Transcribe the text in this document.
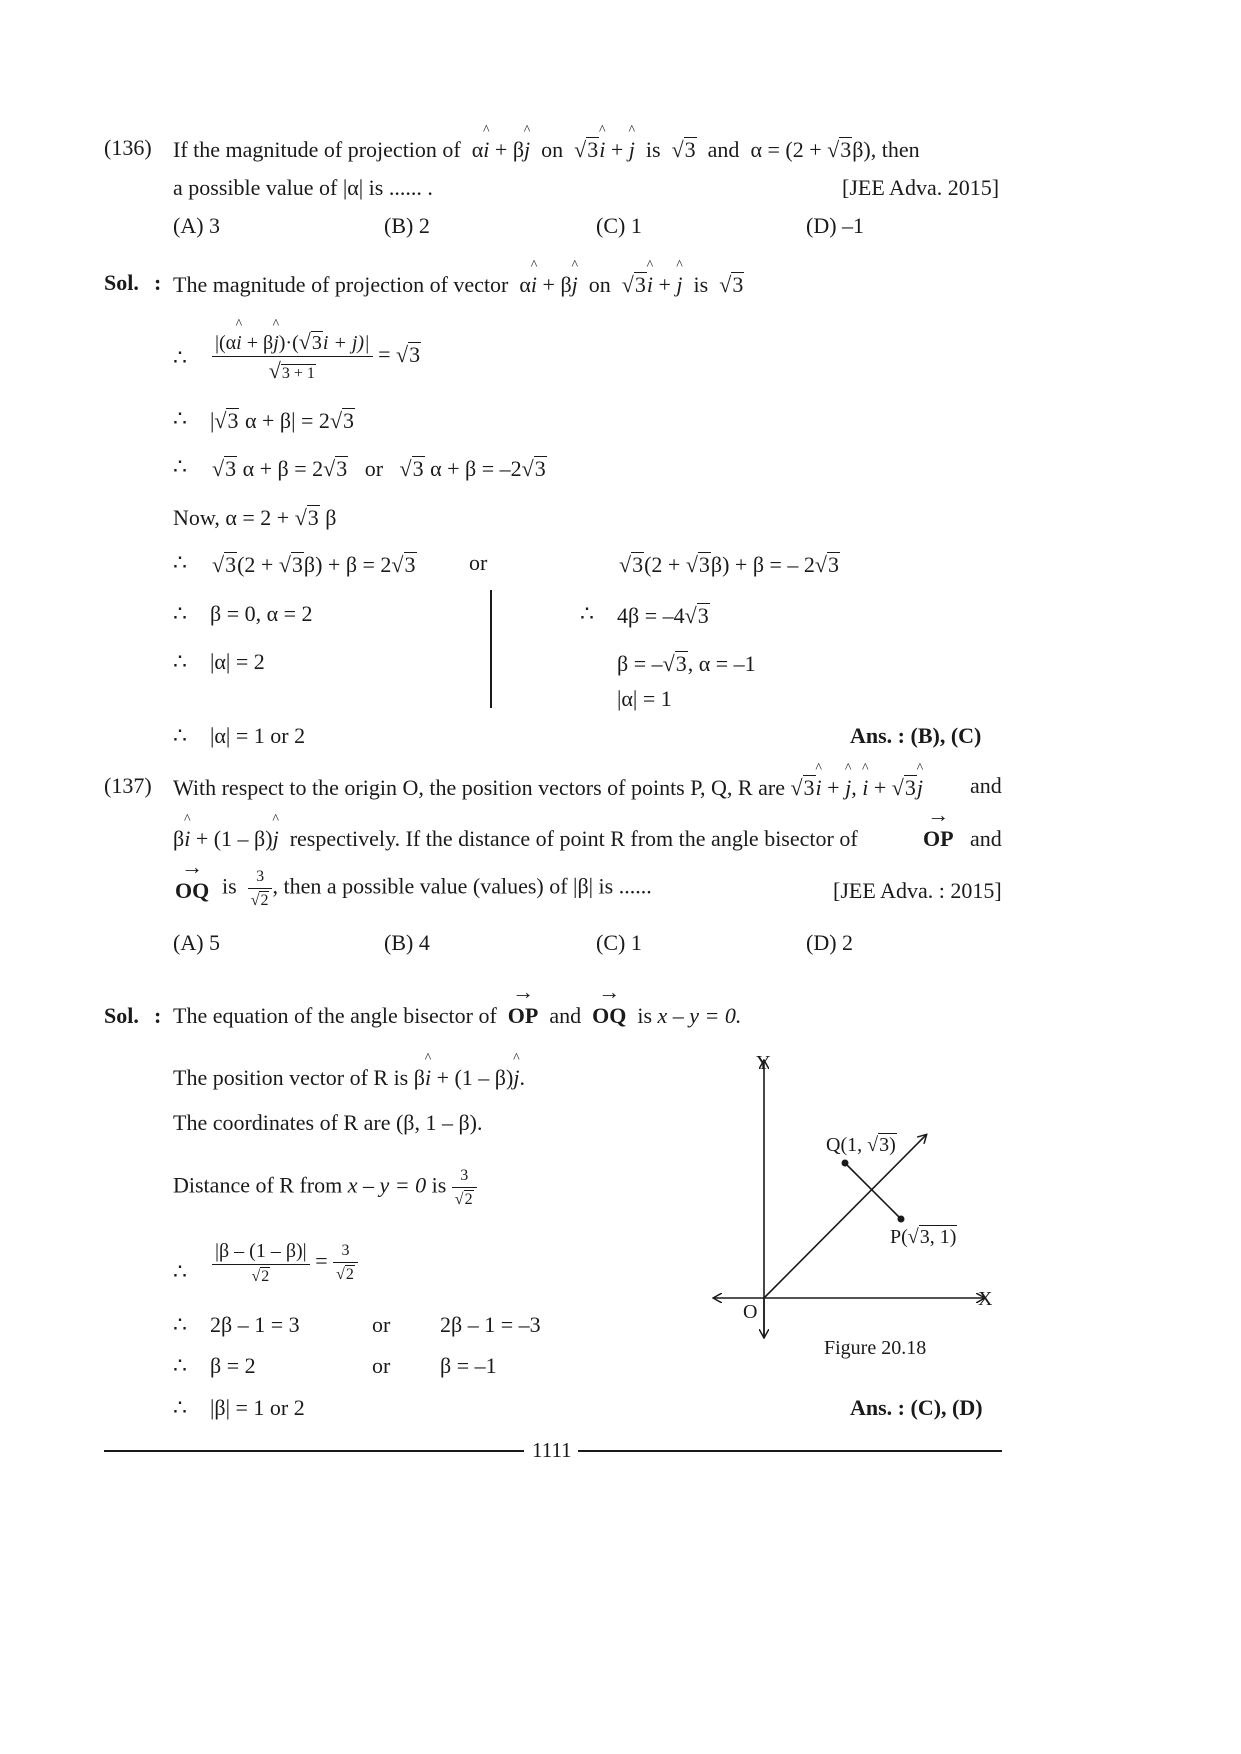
(136) If the magnitude of projection of α
^
i + β
^
j on √3
^
i +
^
j is √3 and α = (2 + √3β), then
a possible value of |α| is ...... .	[JEE Adva. 2015]
(A) 3	(B) 2	(C) 1	(D) –1
Sol. : The magnitude of projection of vector α
^
i + β
^
j on √3
^
i +
^
j is √3
∴ |(α
^
i + β
^
j)·(√3i + j)|
√3 + 1 = √3
∴ |√3 α + β| = 2√3
∴ √3 α + β = 2√3 or √3 α + β = –2√3
Now, α = 2 + √3 β
∴ √3(2 + √3β) + β = 2√3 or	√3(2 + √3β) + β = – 2√3
∴ β = 0, α = 2
∴ |α| = 2
∴ 4β = –4√3
β = –√3, α = –1
|α| = 1
∴ |α| = 1 or 2	Ans. : (B), (C)
(137) With respect to the origin O, the position vectors of points P, Q, R are √3
^
i +
^
j,
^
i + √3
^
j and
β
^
i + (1 – β)
^
j respectively. If the distance of point R from the angle bisector of
→
OP and
→
OQ is $\frac{3}{√2}$ , then a possible value (values) of |β| is ......	[JEE Adva. : 2015]
(A) 5	(B) 4	(C) 1	(D) 2
Sol. : The equation of the angle bisector of
→
OP and
→
OQ is x – y = 0.
The position vector of R is β
^
i + (1 – β)
^
j.
The coordinates of R are (β, 1 – β).
Distance of R from x – y = 0 is $\frac{3}{√2}$
∴ $\frac{|\beta - (1 - \beta)|}{√2} = \frac{3}{√2}$
∴ 2β – 1 = 3	or 2β – 1 = –3
∴ β = 2	or β = –1
∴ |β| = 1 or 2	Ans. : (C), (D)
Y
X
O
Q(1, √3)
P(√3, 1)
Figure 20.18
1111
